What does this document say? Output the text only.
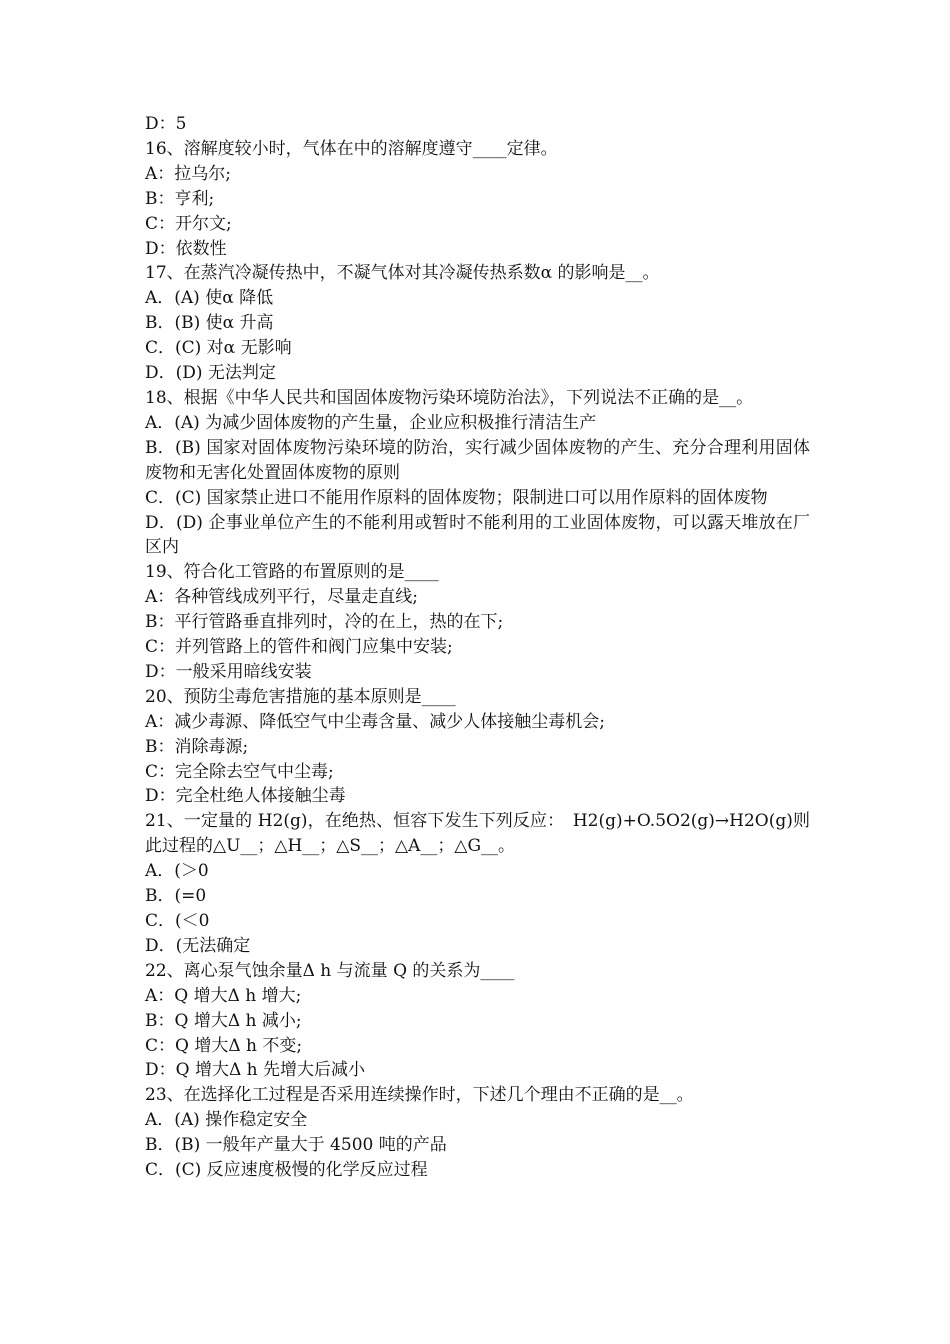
D：5

16、溶解度较小时，气体在中的溶解度遵守____定律。

A：拉乌尔;

B：亨利;

C：开尔文;

D：依数性

17、在蒸汽冷凝传热中，不凝气体对其冷凝传热系数α 的影响是__。

A．(A) 使α 降低

B．(B) 使α 升高

C．(C) 对α 无影响

D．(D) 无法判定

18、根据《中华人民共和国固体废物污染环境防治法》，下列说法不正确的是__。

A．(A) 为减少固体废物的产生量，企业应积极推行清洁生产

B．(B) 国家对固体废物污染环境的防治，实行减少固体废物的产生、充分合理利用固体废物和无害化处置固体废物的原则

C．(C) 国家禁止进口不能用作原料的固体废物；限制进口可以用作原料的固体废物

D．(D) 企事业单位产生的不能利用或暂时不能利用的工业固体废物，可以露天堆放在厂区内

19、符合化工管路的布置原则的是____

A：各种管线成列平行，尽量走直线;

B：平行管路垂直排列时，冷的在上，热的在下;

C：并列管路上的管件和阀门应集中安装;

D：一般采用暗线安装

20、预防尘毒危害措施的基本原则是____

A：减少毒源、降低空气中尘毒含量、减少人体接触尘毒机会;

B：消除毒源;

C：完全除去空气中尘毒;

D：完全杜绝人体接触尘毒

21、一定量的 H2(g)，在绝热、恒容下发生下列反应：　H2(g)+O.5O2(g)→H2O(g)则此过程的△U__；△H__；△S__；△A__；△G__。

A．(＞0

B．(=0

C．(＜0

D．(无法确定

22、离心泵气蚀余量Δ h 与流量 Q 的关系为____

A：Q 增大Δ h 增大;

B：Q 增大Δ h 减小;

C：Q 增大Δ h 不变;

D：Q 增大Δ h 先增大后减小

23、在选择化工过程是否采用连续操作时，下述几个理由不正确的是__。

A．(A) 操作稳定安全

B．(B) 一般年产量大于 4500 吨的产品

C．(C) 反应速度极慢的化学反应过程
